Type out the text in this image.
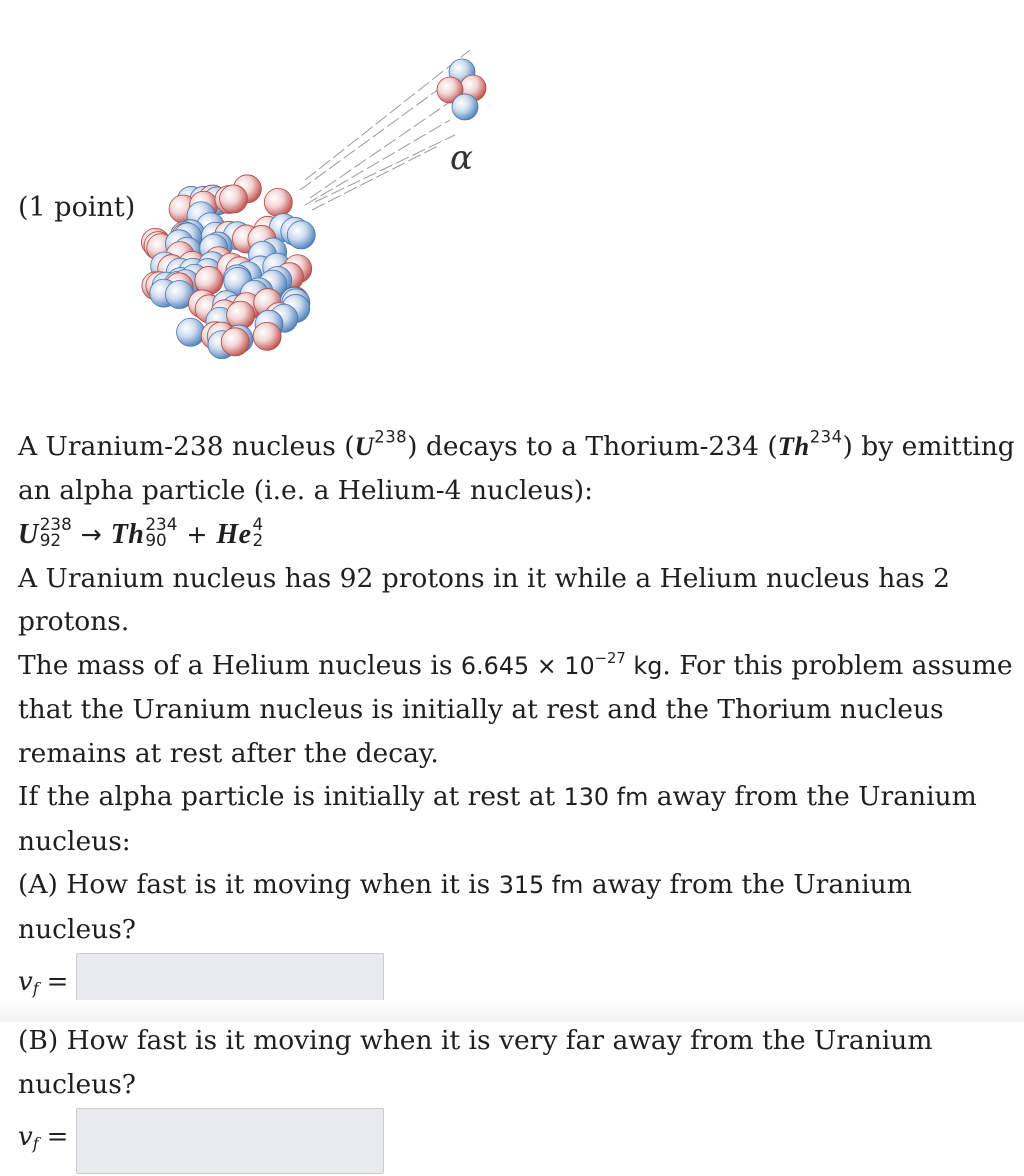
(1 point)
α

A Uranium-238 nucleus $(U^{238})$ decays to a Thorium-234 (Th$^{234}$) by emitting an alpha particle (i.e. a Helium-4 nucleus):

U 238
92 → Th 234
90 + He 4
2

A Uranium nucleus has 92 protons in it while a Helium nucleus has 2 protons.

The mass of a Helium nucleus is $6.645 \times 10^{-27}$ kg. For this problem assume that the Uranium nucleus is initially at rest and the Thorium nucleus remains at rest after the decay.

If the alpha particle is initially at rest at 130 fm away from the Uranium nucleus:

(A) How fast is it moving when it is 315 fm away from the Uranium nucleus?

$v_f$ =

(B) How fast is it moving when it is very far away from the Uranium nucleus?

$v_f$ =
